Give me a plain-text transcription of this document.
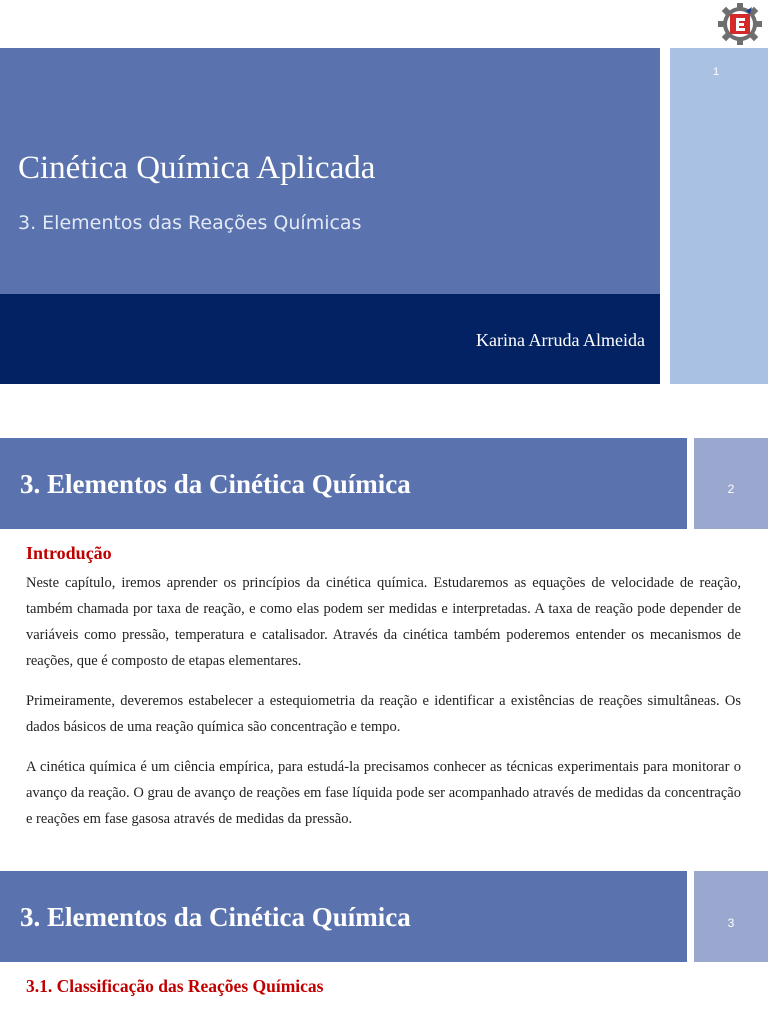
1
Cinética Química Aplicada
3. Elementos das Reações Químicas
Karina Arruda Almeida
3. Elementos da Cinética Química	2
Introdução

Neste capítulo, iremos aprender os princípios da cinética química. Estudaremos as equações de velocidade de reação, também chamada por taxa de reação, e como elas podem ser medidas e interpretadas. A taxa de reação pode depender de variáveis como pressão, temperatura e catalisador. Através da cinética também poderemos entender os mecanismos de reações, que é composto de etapas elementares.

Primeiramente, deveremos estabelecer a estequiometria da reação e identificar a existências de reações simultâneas. Os dados básicos de uma reação química são concentração e tempo.

A cinética química é um ciência empírica, para estudá-la precisamos conhecer as técnicas experimentais para monitorar o avanço da reação. O grau de avanço de reações em fase líquida pode ser acompanhado através de medidas da concentração e reações em fase gasosa através de medidas da pressão.

3. Elementos da Cinética Química	3
3.1. Classificação das Reações Químicas
